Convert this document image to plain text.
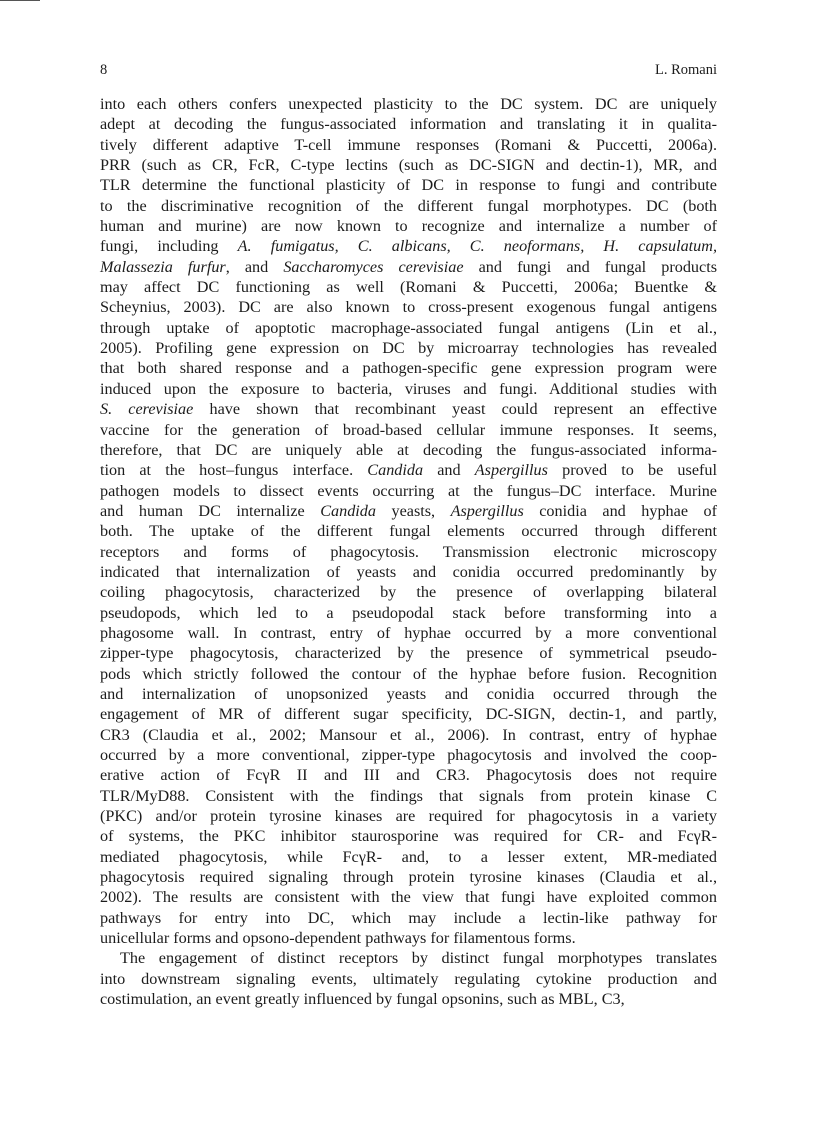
8	L. Romani
into each others confers unexpected plasticity to the DC system. DC are uniquely
adept at decoding the fungus-associated information and translating it in qualita-
tively different adaptive T-cell immune responses (Romani & Puccetti, 2006a).
PRR (such as CR, FcR, C-type lectins (such as DC-SIGN and dectin-1), MR, and
TLR determine the functional plasticity of DC in response to fungi and contribute
to the discriminative recognition of the different fungal morphotypes. DC (both
human and murine) are now known to recognize and internalize a number of
fungi, including A. fumigatus, C. albicans, C. neoformans, H. capsulatum,
Malassezia furfur, and Saccharomyces cerevisiae and fungi and fungal products
may affect DC functioning as well (Romani & Puccetti, 2006a; Buentke &
Scheynius, 2003). DC are also known to cross-present exogenous fungal antigens
through uptake of apoptotic macrophage-associated fungal antigens (Lin et al.,
2005). Profiling gene expression on DC by microarray technologies has revealed
that both shared response and a pathogen-specific gene expression program were
induced upon the exposure to bacteria, viruses and fungi. Additional studies with
S. cerevisiae have shown that recombinant yeast could represent an effective
vaccine for the generation of broad-based cellular immune responses. It seems,
therefore, that DC are uniquely able at decoding the fungus-associated informa-
tion at the host–fungus interface. Candida and Aspergillus proved to be useful
pathogen models to dissect events occurring at the fungus–DC interface. Murine
and human DC internalize Candida yeasts, Aspergillus conidia and hyphae of
both. The uptake of the different fungal elements occurred through different
receptors and forms of phagocytosis. Transmission electronic microscopy
indicated that internalization of yeasts and conidia occurred predominantly by
coiling phagocytosis, characterized by the presence of overlapping bilateral
pseudopods, which led to a pseudopodal stack before transforming into a
phagosome wall. In contrast, entry of hyphae occurred by a more conventional
zipper-type phagocytosis, characterized by the presence of symmetrical pseudo-
pods which strictly followed the contour of the hyphae before fusion. Recognition
and internalization of unopsonized yeasts and conidia occurred through the
engagement of MR of different sugar specificity, DC-SIGN, dectin-1, and partly,
CR3 (Claudia et al., 2002; Mansour et al., 2006). In contrast, entry of hyphae
occurred by a more conventional, zipper-type phagocytosis and involved the coop-
erative action of FcγR II and III and CR3. Phagocytosis does not require
TLR/MyD88. Consistent with the findings that signals from protein kinase C
(PKC) and/or protein tyrosine kinases are required for phagocytosis in a variety
of systems, the PKC inhibitor staurosporine was required for CR- and FcγR-
mediated phagocytosis, while FcγR- and, to a lesser extent, MR-mediated
phagocytosis required signaling through protein tyrosine kinases (Claudia et al.,
2002). The results are consistent with the view that fungi have exploited common
pathways for entry into DC, which may include a lectin-like pathway for
unicellular forms and opsono-dependent pathways for filamentous forms.
The engagement of distinct receptors by distinct fungal morphotypes translates
into downstream signaling events, ultimately regulating cytokine production and
costimulation, an event greatly influenced by fungal opsonins, such as MBL, C3,
